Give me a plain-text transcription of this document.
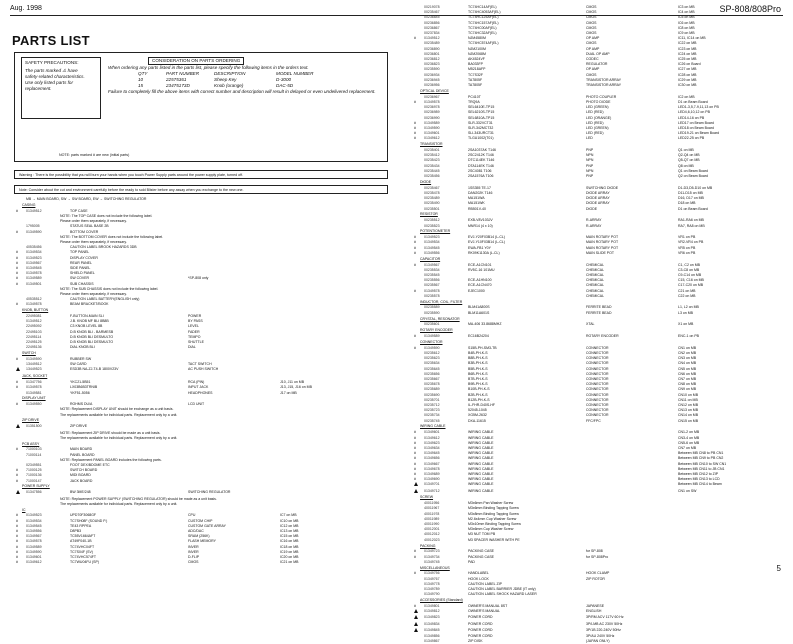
Aug. 1998	SP-808/808Pro
PARTS LIST
SAFETY PRECAUTIONS:
The parts marked ⚠ have
safety-related characteristics.
Use only listed parts for
replacement.
CONSIDERATION ON PARTS ORDERING
When ordering any parts listed in the parts list, please specify the following items in the orders text.
QTY	PART NUMBER	DESCRIPTION	MODEL NUMBER
10	22575361	Sheep Key	D-3000
15	23475173D	Knob (orange)	DAC-5D
Failure to completely fill the above items with correct number and description will result in delayed or even undelivered replacement.
NOTE: parts marked # are new (initial parts)
Warning : There is the possibility that you will burn your hands when you touch Power Supply parts around the power supply plate, turned off.
Note: Consider about the cut and environment carefully before the ready to sold Blister before any assay when you exchange to the new one.
MB → MAIN BOARD, SW → SW BOARD, EW → SWITCHING REGULATOR
CASING
#	01349512	TOP CASE
NOTE: The TOP CASE does not include the following label.
Please order them separately, if necessary.
1795005	STATUS SEAL BASE 2B
#	01349590	BOTTOM COVER
NOTE: The BOTTOM COVER does not include the following label.
Please order them separately, if necessary.
40535456	CAUTION LABEL BROOK HAZARDS 3DB
#	01349534	TOP PANEL
#	01349523	DISPLAY COVER
#	01349567	REAR PANEL
#	01349545	SIDE PANEL
#	01349578	SHIELD PANEL
#	01349589	SW COVER	*SP-808 only
#	01349501	SUB CHASSIS
NOTE: The SUB CHASSIS does not include the following label.
Please order them separately, if necessary.
40535512	CAUTION LABEL BATTERY(ENGLISH only)
#	01349578	BEAM BRACKET/BOOK
KNOB, BUTTON
22495081	F-BUTTON-MAIN SLI	POWER
01349512	J.B. KNOB MF BLI 8B8B	BY PASS
22495092	C3 KNOB LEVEL 8B	LEVEL
22495103	D.B KNOB BLI - BARMESB	FADER
22495114	D.B KNOB BLI DESMULTO	TEMPO
22495125	D.B KNOB BLI DESMULTO	SHUTTLE
22495136	DIAL KNOB BLI	DIAL
SWITCH
#	01349590	RUBBER SW
13449512	SW CARD	TACT SWITCH
13449523	ESD3B NA-ZJ-T4-B 1800V23V	AC PUSH SWITCH
JACK, SOCKET
#	01347756	YKC21-5B51	RCA (PIN)	J10, J11 on MB
#	01349578	LX03B6B3TRNIB	INPUT JACK	J13, J15, J16 on MB
01349581	YKF51-5056	HEADPHONES	J17 on MB
DISPLAY UNIT
#	01349550	ROHMS DU/A	LCD UNIT
NOTE: Replacement DISPLAY UNIT should be exchange as a unit basis.
The replacements available for individual parts. Replacement only by a unit.
ZIP DRIVE
01351500	ZIP DRIVE
NOTE: Replacement ZIP DRIVE should be made as a unit basis.
The replacements available for individual parts. Replacement only by a unit.
PCB ASSY
#	71000103	MAIN BOARD
71000114	PANEL BOARD
NOTE: Replacement PANEL BOARD includes the following parts.
02349551	FOOT DEX/BDOME ETC
#	71000125	SWITCH BOARD
#	71000136	MIDI BOARD
#	71000147	JACK BOARD
POWER SUPPLY
01347556	BW 3ME/248	SWITCHING REGULATOR
NOTE: Replacement POWER SUPPLY (SWITCHING REGULATOR) should be made as a unit basis.
The replacements available for individual parts. Replacement only by a unit.
IC
#	01349523	UPD70F3068GF	CPU	IC7 on MB
#	01349534	TC7SH08F (SOUND P.)	CUSTOM CHIP	IC10 on MB
#	01349545	TE43 RPPEA	CUSTOM GATE ARRAY	IC12 on MB
#	01349556	D8PB3	ADC/DAC	IC13 on MB
#	01349567	TC55V1664AFT	SRAM (256K)	IC15 on MB
#	01349578	AT49F040-1B	FLASH MEMORY	IC16 on MB
#	01349589	TC74VHC04FT	INVER	IC18 on MB
#	01349590	TC7S04F (SV)	INVER	IC19 on MB
#	01349601	TC74VHC574FT	D-FLIP	IC20 on MB
#	01349612	TC7WU04FU (SP)	CMOS	IC21 on MB
00219078	TC74HC14AF(EL)	CMOS	IC3 on MB
00235467	TC74HC4053AF(EL)	CMOS	IC4 on MB
00236845	TC74HC125AF(EL)	CMOS	IC5 on MB
00236856	TC74HC157AF(EL)	CMOS	IC6 on MB
00236867	TC74HC00AF(EL)	CMOS	IC8 on MB
00237834	TC74HC32AF(EL)	CMOS	IC9 on MB
#	01349512	NJM4580M	OP AMP	IC11, IC14 on MB
00235489	TC74HC574AF(EL)	CMOS	IC22 on MB
00236890	NJM2100M	OP AMP	IC23 on MB
00236801	NJM2068M	DUAL OP AMP	IC24 on MB
00236812	AK4524VF	CODEC	IC25 on MB
00236823	BA033FP	REGULATOR	IC26 on Board
00235590	M5218AFP	OP AMP	IC27 on MB
00236934	TC7S32F	CMOS	IC28 on MB
00236945	TA7805F	TRANSISTOR ARRAY	IC29 on MB
00236956	TA7805F	TRANSISTOR ARRAY	IC30 on MB
OPTICAL DEVICE
00236967	PC410T	PHOTO COUPLER	IC2 on MB
#	01349578	TRQ9A	PHOTO DIODE	D1 on Beam Board
00236978	SEL6410E-TP15	LED (GREEN)	LED1-3,5,7-9,11,13 on PB
00236989	SEL6210S-TP15	LED (RED)	LED4,6,10,12 on PB
00236990	SEL6810A-TP15	LED (ORANGE)	LED14-16 on PB
#	01349589	SLR-332VCT31	LED (RED)	LED17 on Beam Board
#	01349590	SLR-342MCT32	LED (GREEN)	LED18 on Beam Board
#	01349601	SLI-343URCT31	LED (RED)	LED19-21 on Beam Board
#	01349612	TLGU1002(T01)	LED	LED22-25 on PB
TRANSISTOR
00235401	2SA1037AK T146	PNP	Q1 on MB
00235412	2SC2412K T146	NPN	Q2-Q4 on MB
00235423	DTC114EK T146	NPN	Q5-Q7 on MB
00235434	DTA114EK T146	PNP	Q8 on MB
00235445	2SC4081 T106	NPN	Q1 on Beam Board
00235456	2SA1576A T106	PNP	Q2 on Beam Board
DIODE
00235467	1SS355 TE-17	SWITCHING DIODE	D1-D3,D5-D10 on MB
00235478	DAN202K T146	DIODE ARRAY	D11-D15 on MB
00235489	MA151WA	DIODE ARRAY	D16, D17 on MB
00235490	MA151WK	DIODE ARRAY	D18 on MB
00235501	RB501V-40	DIODE	D1 on Beam Board
RESISTOR
00235512	EXB-V8V103JV	R-ARRAY	RA1-RA6 on MB
00235523	MNR14 (4 x 10)	R-ARRAY	RA7, RA8 on MB
POTENTIOMETER
#	01349523	EVJ-Y20F03B14 (L-CL)	MAIN ROTARY POT	VR1 on PB
#	01349534	EVJ-Y10F03B14 (L-CL)	MAIN ROTARY POT	VR2-VR4 on PB
#	01349545	EWA-FB1 Y0Y	MAIN ROTARY POT	VR5 on PB
#	01349556	RK09K1130A (L-CL)	MAIN SLIDE POT	VR6 on PB
CAPACITOR
#	01349567	ECE-A1CN101	CHEMICAL	C1, C2 on MB
00235534	RV5C-16 101MU	CHEMICAL	C3-C8 on MB
00235545	CHEMICAL	C9-C14 on MB
00235556	ECE-A1HN100	CHEMICAL	C15, C16 on MB
00235567	ECE-A1CN470	CHEMICAL	C17-C20 on MB
#	01349578	EJEC1000	CHEMICAL	C21 on MB
00235578	CHEMICAL	C22 on MB
INDUCTOR, COIL, FILTER
00235589	BLM41A800S	FERRITE BEAD	L1, L2 on MB
00235590	BLM11A601S	FERRITE BEAD	L3 on MB
CRYSTAL, RESONATOR
00235601	MA-406 33.8688MHZ	XTAL	X1 on MB
ROTARY ENCODER
#	01349589	EC16B24204	ROTARY ENCODER	ENC-1 on PB
CONNECTOR
#	01349590	S15B-PH-SM3-TB	CONNECTOR	CN1 on MB
00235612	B4B-PH-K-S	CONNECTOR	CN2 on MB
00235623	B8B-PH-K-S	CONNECTOR	CN3 on MB
00235634	B3B-PH-K-S	CONNECTOR	CN4 on MB
00235645	B5B-PH-K-S	CONNECTOR	CN5 on MB
00235656	B6B-PH-K-S	CONNECTOR	CN6 on MB
00235667	B7B-PH-K-S	CONNECTOR	CN7 on MB
00235678	B9B-PH-K-S	CONNECTOR	CN8 on MB
00235689	B10B-PH-K-S	CONNECTOR	CN9 on MB
00235690	B2B-PH-K-S	CONNECTOR	CN10 on MB
00235701	B12B-PH-K-S	CONNECTOR	CN11 on MB
00235712	IL-FHR-D40S-HF	CONNECTOR	CN12 on MB
00235723	52045-1045	CONNECTOR	CN13 on MB
00235734	XG5M-2632	CONNECTOR	CN14 on MB
00235745	DXA-11615	FFC/FPC	CN15 on MB
WIRING CABLE
#	01349601	WIRING CABLE	CN1-2 on MB
#	01349612	WIRING CABLE	CN3-4 on MB
#	01349623	WIRING CABLE	CN5-6 on MB
#	01349634	WIRING CABLE	CN7 on MB
#	01349645	WIRING CABLE	Between MB CN8 to PB CN1
#	01349656	WIRING CABLE	Between MB CN9 to PB CN2
#	01349667	WIRING CABLE	Between MB CN10 to SW CN1
#	01349678	WIRING CABLE	Between MB CN11 to JB CN1
#	01349689	WIRING CABLE	Between MB CN12 to ZIP
#	01349690	WIRING CABLE	Between MB CN13 to LCD
01349701	WIRING CABLE	Between MB CN14 to Beam
01349712	WIRING CABLE	CN1 on SW
SCREW
40011956	M3x6mm Pan Washer Screw
40011967	M3x6mm Binding Tapping Screw
40011978	M3x8mm Binding Tapping Screw
40011989	M2.6x4mm Cup Washer Screw
40011990	M3x10mm Binding Tapping Screw
40012001	M3x6mm Cup Washer Screw
40012012	M3 NUT TOM PB
40012023	M3 SPACER WASHER WITH PE
PACKING
#	01349723	PACKING CASE	for SP-808
#	01349734	PACKING CASE	for SP-808Pro
01349745	PAD
MISCELLANEOUS
#	01349756	HANDLABEL	HOOK CLAMP
01349767	HOOK LOCK	ZIP ROTOR
01349778	CAUTION LABEL ZIP
01349789	CAUTION LABEL BARRIER JDBE (IT only)
01349790	CAUTION LABEL SHOCK HAZARD LASER
ACCESSORIES (Standard)
#	01349801	OWNER'S MANUAL 8ST	JAPANESE
01349812	OWNER'S MANUAL	ENGLISH
01349823	POWER CORD	3P/RM ACV 117V 60 Hz
01349834	POWER CORD	3P/LMB AC 230V 50Hz
01349845	POWER CORD	3P/1B 220-240V 50Hz
01349856	POWER CORD	3P/AU 240V 50Hz
01349867	ZIP DISK	(JAPAN ONLY)
5
